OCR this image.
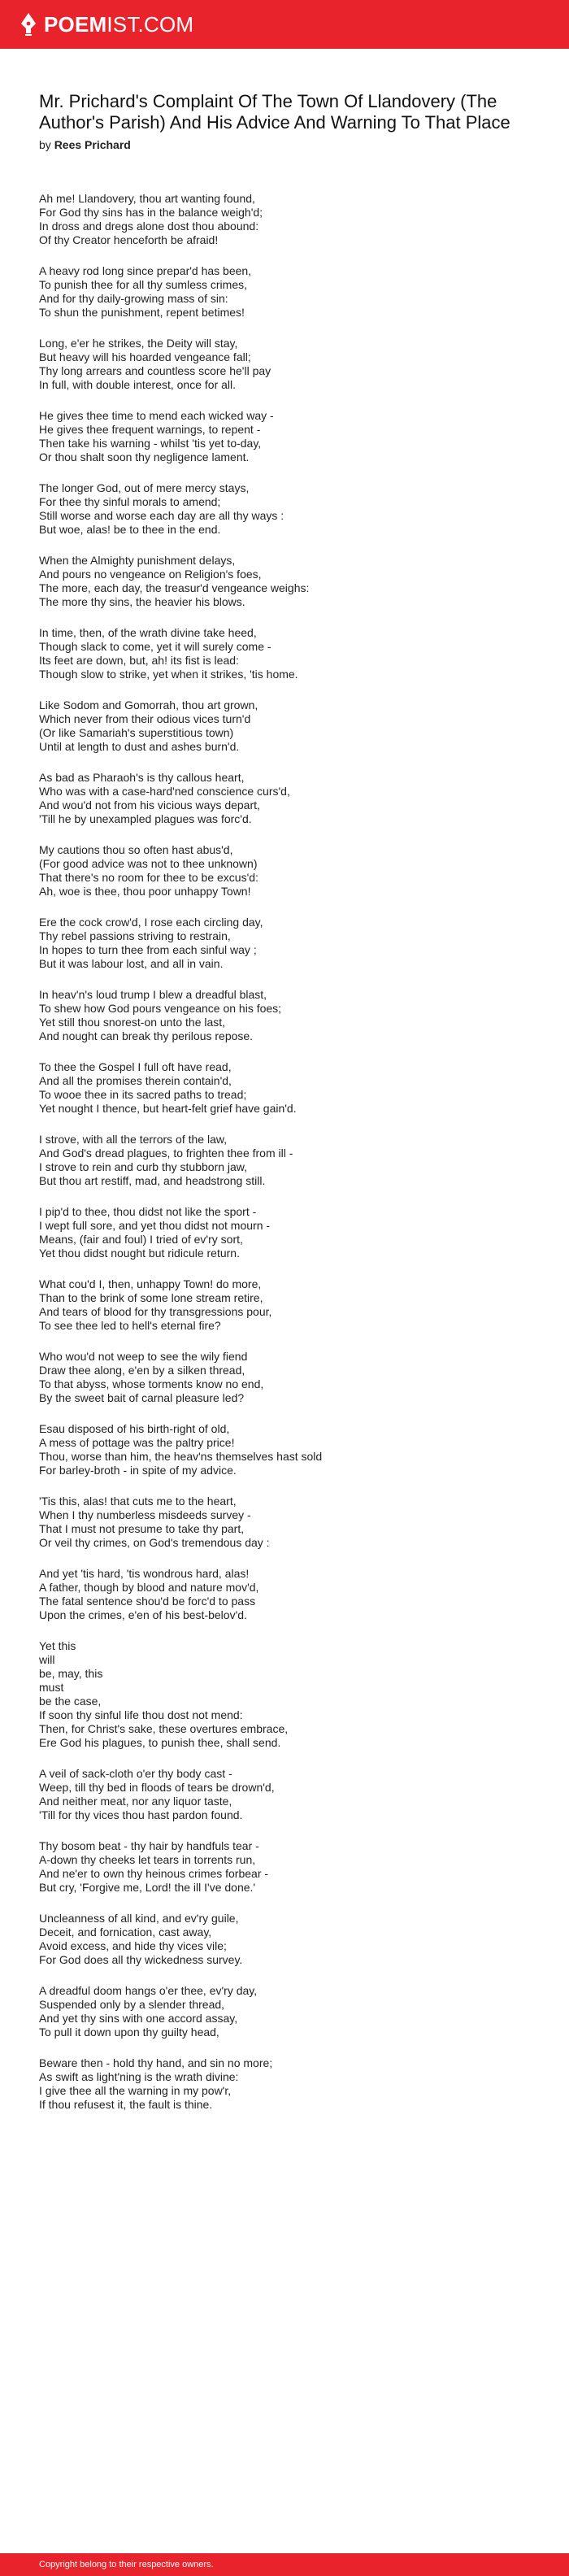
POEMIST.COM
Mr. Prichard's Complaint Of The Town Of Llandovery (The Author's Parish) And His Advice And Warning To That Place
by Rees Prichard
Ah me! Llandovery, thou art wanting found,
For God thy sins has in the balance weigh'd;
In dross and dregs alone dost thou abound:
Of thy Creator henceforth be afraid!
A heavy rod long since prepar'd has been,
To punish thee for all thy sumless crimes,
And for thy daily-growing mass of sin:
To shun the punishment, repent betimes!
Long, e'er he strikes, the Deity will stay,
But heavy will his hoarded vengeance fall;
Thy long arrears and countless score he'll pay
In full, with double interest, once for all.
He gives thee time to mend each wicked way -
He gives thee frequent warnings, to repent -
Then take his warning - whilst 'tis yet to-day,
Or thou shalt soon thy negligence lament.
The longer God, out of mere mercy stays,
For thee thy sinful morals to amend;
Still worse and worse each day are all thy ways :
But woe, alas! be to thee in the end.
When the Almighty punishment delays,
And pours no vengeance on Religion's foes,
The more, each day, the treasur'd vengeance weighs:
The more thy sins, the heavier his blows.
In time, then, of the wrath divine take heed,
Though slack to come, yet it will surely come -
Its feet are down, but, ah! its fist is lead:
Though slow to strike, yet when it strikes, 'tis home.
Like Sodom and Gomorrah, thou art grown,
Which never from their odious vices turn'd
(Or like Samariah's superstitious town)
Until at length to dust and ashes burn'd.
As bad as Pharaoh's is thy callous heart,
Who was with a case-hard'ned conscience curs'd,
And wou'd not from his vicious ways depart,
'Till he by unexampled plagues was forc'd.
My cautions thou so often hast abus'd,
(For good advice was not to thee unknown)
That there's no room for thee to be excus'd:
Ah, woe is thee, thou poor unhappy Town!
Ere the cock crow'd, I rose each circling day,
Thy rebel passions striving to restrain,
In hopes to turn thee from each sinful way ;
But it was labour lost, and all in vain.
In heav'n's loud trump I blew a dreadful blast,
To shew how God pours vengeance on his foes;
Yet still thou snorest-on unto the last,
And nought can break thy perilous repose.
To thee the Gospel I full oft have read,
And all the promises therein contain'd,
To wooe thee in its sacred paths to tread;
Yet nought I thence, but heart-felt grief have gain'd.
I strove, with all the terrors of the law,
And God's dread plagues, to frighten thee from ill -
I strove to rein and curb thy stubborn jaw,
But thou art restiff, mad, and headstrong still.
I pip'd to thee, thou didst not like the sport -
I wept full sore, and yet thou didst not mourn -
Means, (fair and foul) I tried of ev'ry sort,
Yet thou didst nought but ridicule return.
What cou'd I, then, unhappy Town! do more,
Than to the brink of some lone stream retire,
And tears of blood for thy transgressions pour,
To see thee led to hell's eternal fire?
Who wou'd not weep to see the wily fiend
Draw thee along, e'en by a silken thread,
To that abyss, whose torments know no end,
By the sweet bait of carnal pleasure led?
Esau disposed of his birth-right of old,
A mess of pottage was the paltry price!
Thou, worse than him, the heav'ns themselves hast sold
For barley-broth - in spite of my advice.
'Tis this, alas! that cuts me to the heart,
When I thy numberless misdeeds survey -
That I must not presume to take thy part,
Or veil thy crimes, on God's tremendous day :
And yet 'tis hard, 'tis wondrous hard, alas!
A father, though by blood and nature mov'd,
The fatal sentence shou'd be forc'd to pass
Upon the crimes, e'en of his best-belov'd.
Yet this
will
be, may, this
must
be the case,
If soon thy sinful life thou dost not mend:
Then, for Christ's sake, these overtures embrace,
Ere God his plagues, to punish thee, shall send.
A veil of sack-cloth o'er thy body cast -
Weep, till thy bed in floods of tears be drown'd,
And neither meat, nor any liquor taste,
'Till for thy vices thou hast pardon found.
Thy bosom beat - thy hair by handfuls tear -
A-down thy cheeks let tears in torrents run,
And ne'er to own thy heinous crimes forbear -
But cry, 'Forgive me, Lord! the ill I've done.'
Uncleanness of all kind, and ev'ry guile,
Deceit, and fornication, cast away,
Avoid excess, and hide thy vices vile;
For God does all thy wickedness survey.
A dreadful doom hangs o'er thee, ev'ry day,
Suspended only by a slender thread,
And yet thy sins with one accord assay,
To pull it down upon thy guilty head,
Beware then - hold thy hand, and sin no more;
As swift as light'ning is the wrath divine:
I give thee all the warning in my pow'r,
If thou refusest it, the fault is thine.
Copyright belong to their respective owners.
